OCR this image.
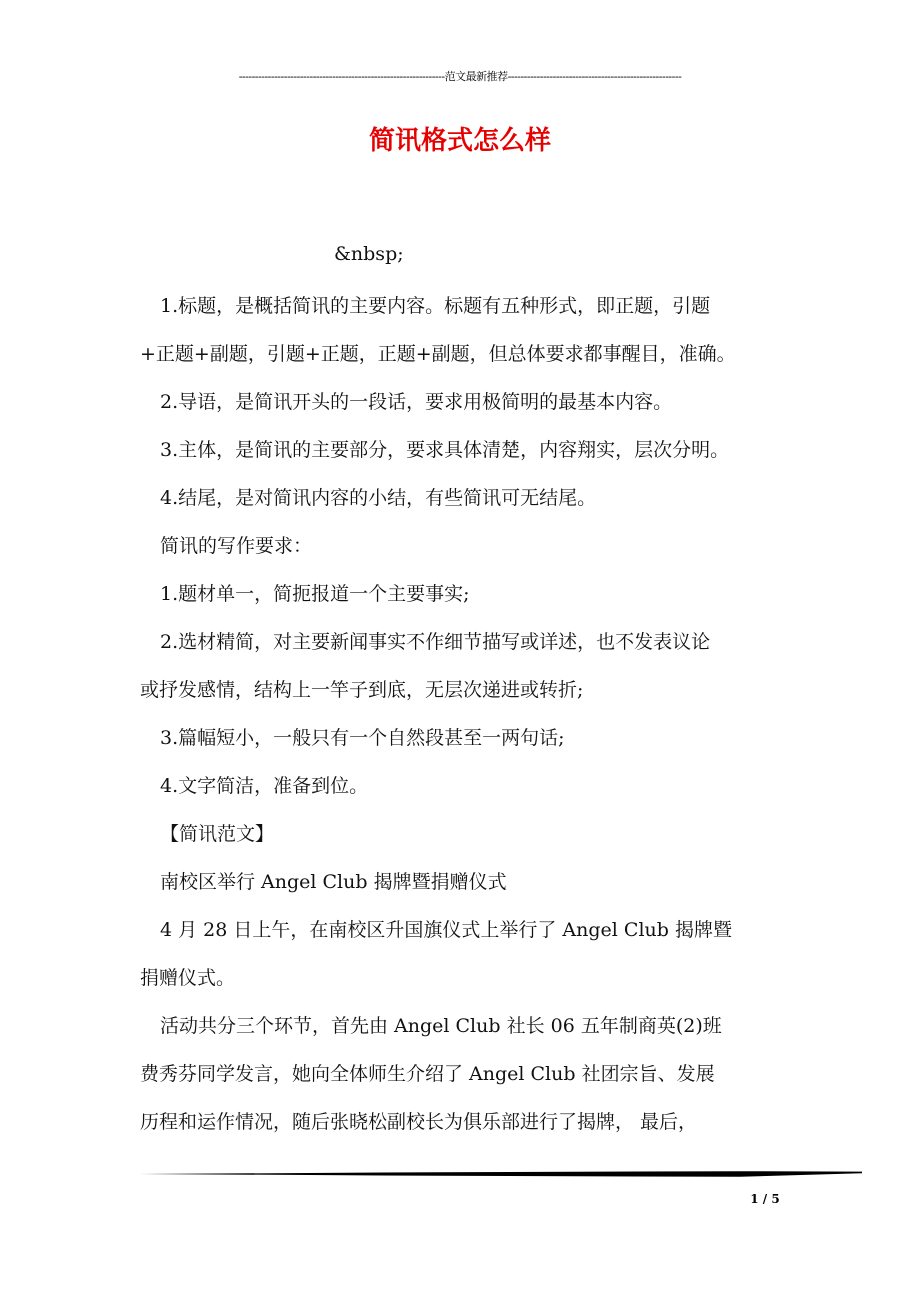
----------------------------------------------------------------范文最新推荐------------------------------------------------------
简讯格式怎么样
&nbsp;
1.标题，是概括简讯的主要内容。标题有五种形式，即正题，引题
+正题+副题，引题+正题，正题+副题，但总体要求都事醒目，准确。
2.导语，是简讯开头的一段话，要求用极简明的最基本内容。
3.主体，是简讯的主要部分，要求具体清楚，内容翔实，层次分明。
4.结尾，是对简讯内容的小结，有些简讯可无结尾。
简讯的写作要求：
1.题材单一，简扼报道一个主要事实;
2.选材精简，对主要新闻事实不作细节描写或详述，也不发表议论
或抒发感情，结构上一竿子到底，无层次递进或转折;
3.篇幅短小，一般只有一个自然段甚至一两句话;
4.文字简洁，准备到位。
【简讯范文】
南校区举行 Angel Club 揭牌暨捐赠仪式
4 月 28 日上午，在南校区升国旗仪式上举行了 Angel Club 揭牌暨
捐赠仪式。
活动共分三个环节，首先由 Angel Club 社长 06 五年制商英(2)班
费秀芬同学发言，她向全体师生介绍了 Angel Club 社团宗旨、发展
历程和运作情况，随后张晓松副校长为俱乐部进行了揭牌， 最后，
1 / 5
